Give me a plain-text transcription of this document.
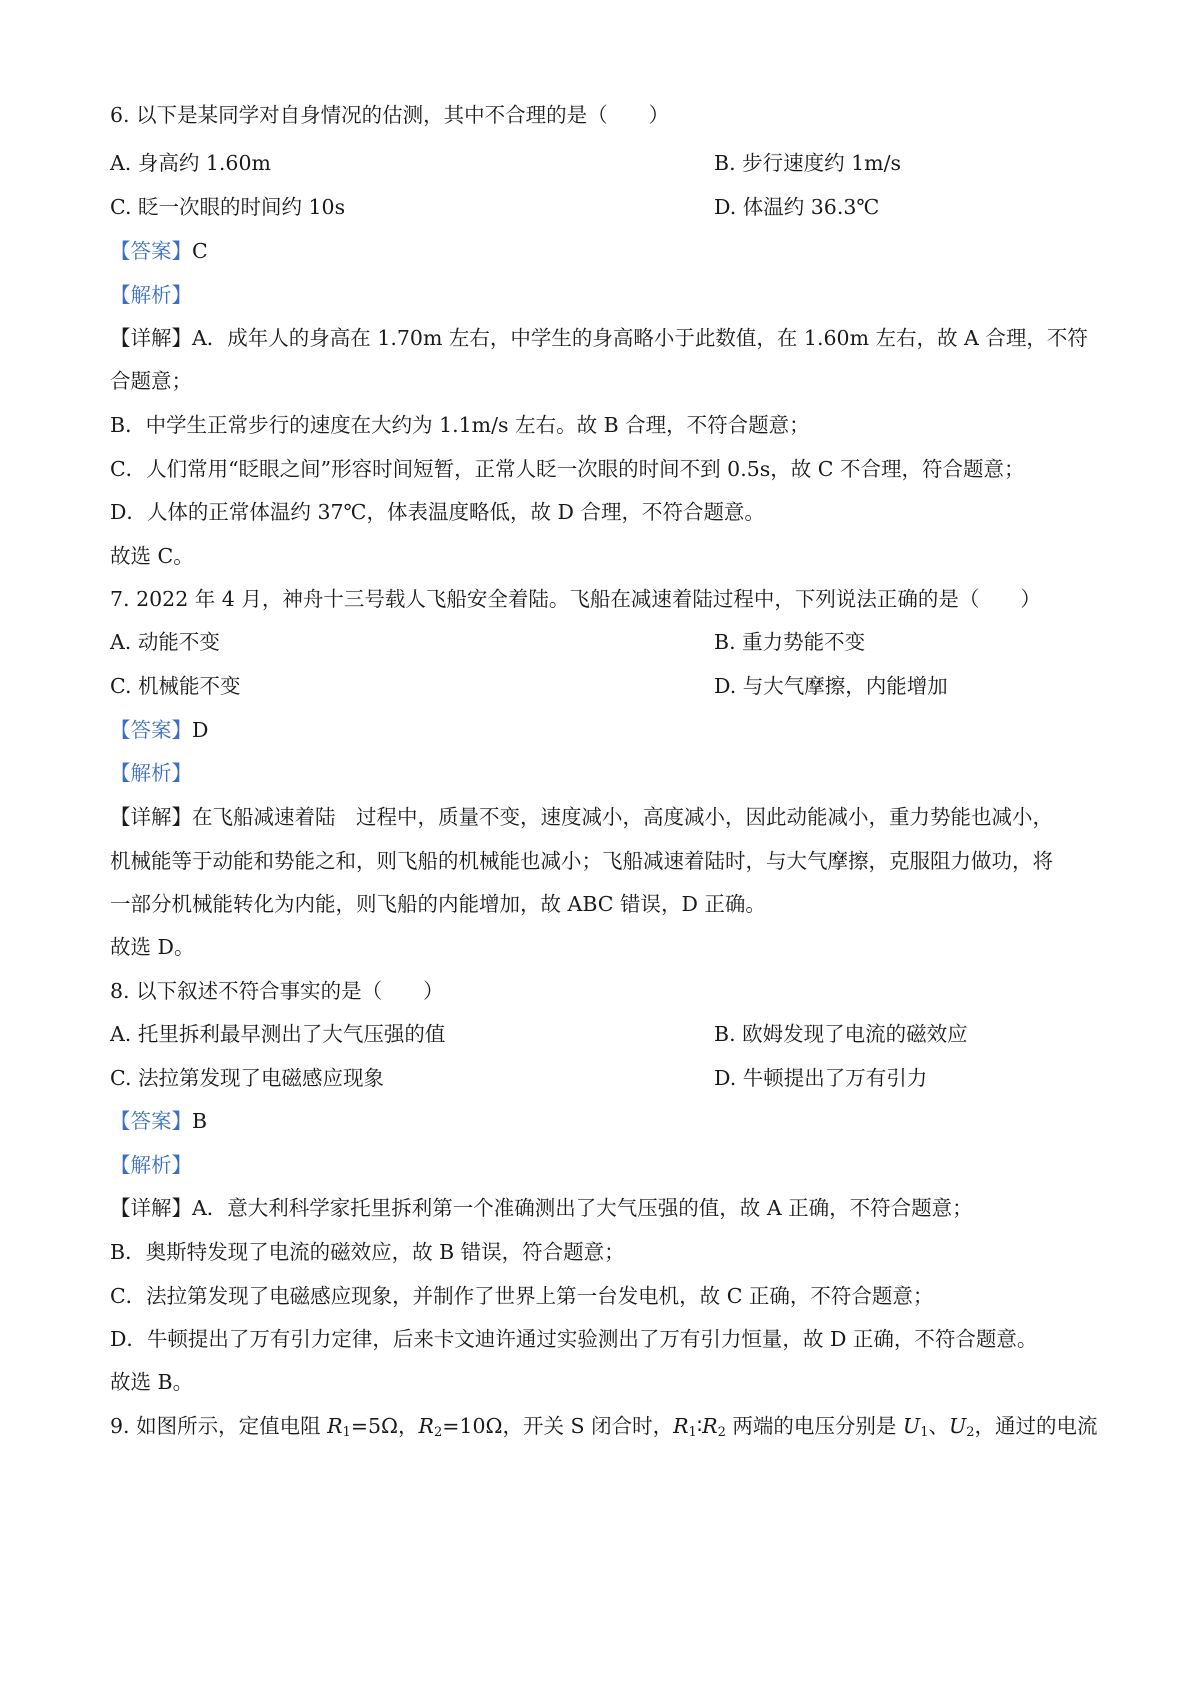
6. 以下是某同学对自身情况的估测，其中不合理的是（　　）
A. 身高约 1.60m	B. 步行速度约 1m/s
C. 眨一次眼的时间约 10s	D. 体温约 36.3℃
【答案】C
【解析】
【详解】A．成年人的身高在 1.70m 左右，中学生的身高略小于此数值，在 1.60m 左右，故 A 合理，不符
合题意；
B．中学生正常步行的速度在大约为 1.1m/s 左右。故 B 合理，不符合题意；
C．人们常用“眨眼之间”形容时间短暂，正常人眨一次眼的时间不到 0.5s，故 C 不合理，符合题意；
D．人体的正常体温约 37℃，体表温度略低，故 D 合理，不符合题意。
故选 C。
7. 2022 年 4 月，神舟十三号载人飞船安全着陆。飞船在减速着陆过程中，下列说法正确的是（　　）
A. 动能不变	B. 重力势能不变
C. 机械能不变	D. 与大气摩擦，内能增加
【答案】D
【解析】
【详解】在飞船减速着陆　过程中，质量不变，速度减小，高度减小，因此动能减小，重力势能也减小，
机械能等于动能和势能之和，则飞船的机械能也减小；飞船减速着陆时，与大气摩擦，克服阻力做功，将
一部分机械能转化为内能，则飞船的内能增加，故 ABC 错误，D 正确。
故选 D。
8. 以下叙述不符合事实的是（　　）
A. 托里拆利最早测出了大气压强的值	B. 欧姆发现了电流的磁效应
C. 法拉第发现了电磁感应现象	D. 牛顿提出了万有引力
【答案】B
【解析】
【详解】A．意大利科学家托里拆利第一个准确测出了大气压强的值，故 A 正确，不符合题意；
B．奥斯特发现了电流的磁效应，故 B 错误，符合题意；
C．法拉第发现了电磁感应现象，并制作了世界上第一台发电机，故 C 正确，不符合题意；
D．牛顿提出了万有引力定律，后来卡文迪许通过实验测出了万有引力恒量，故 D 正确，不符合题意。
故选 B。
9. 如图所示，定值电阻 $R_1=5\Omega$，$R_2=10\Omega$，开关 S 闭合时，$R_1∶R_2$ 两端的电压分别是 $U_1$、$U_2$，通过的电流
